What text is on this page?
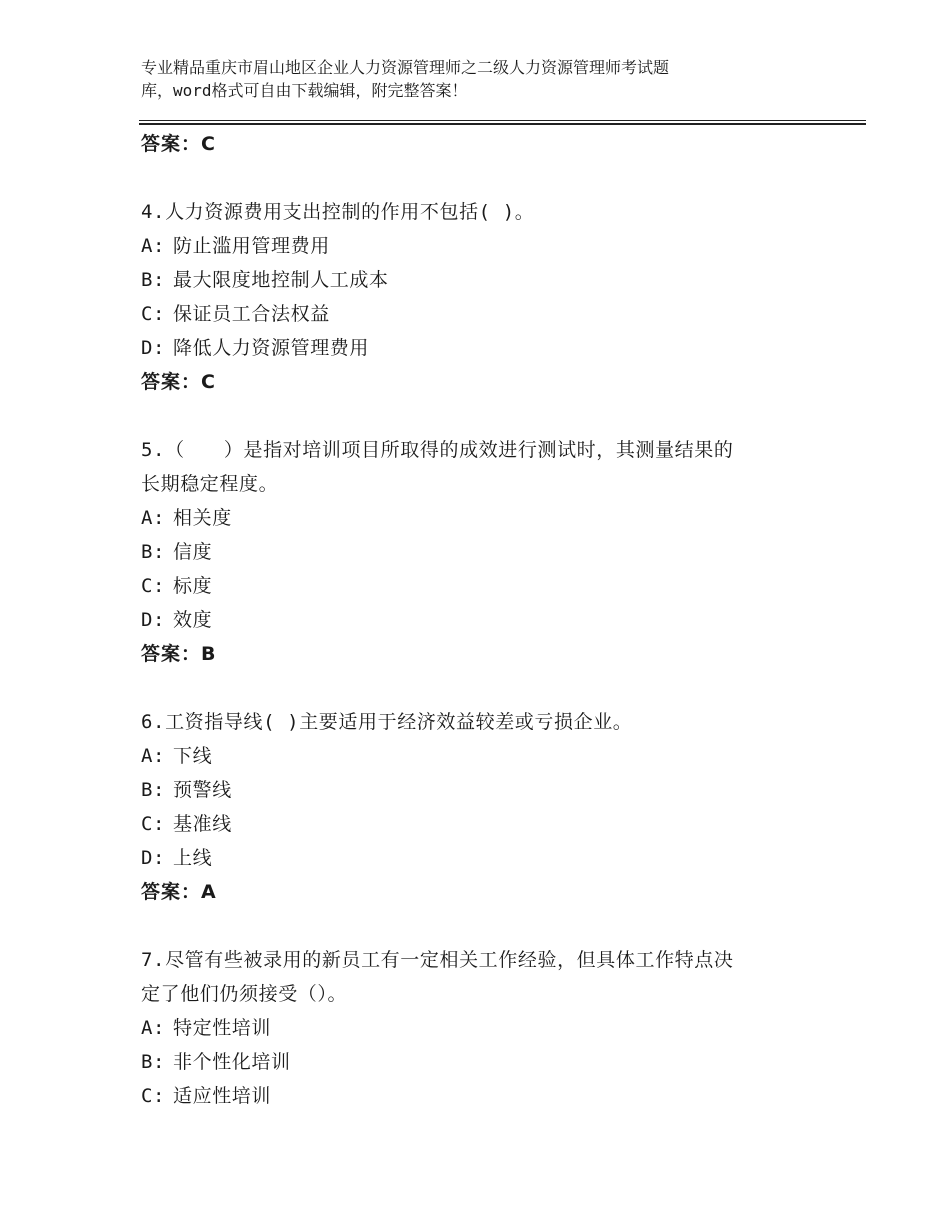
专业精品重庆市眉山地区企业人力资源管理师之二级人力资源管理师考试题
库，word格式可自由下载编辑，附完整答案！
答案：C
4.人力资源费用支出控制的作用不包括( )。
A: 防止滥用管理费用
B: 最大限度地控制人工成本
C: 保证员工合法权益
D: 降低人力资源管理费用
答案：C
5.（　　）是指对培训项目所取得的成效进行测试时，其测量结果的
长期稳定程度。
A: 相关度
B: 信度
C: 标度
D: 效度
答案：B
6.工资指导线( )主要适用于经济效益较差或亏损企业。
A: 下线
B: 预警线
C: 基准线
D: 上线
答案：A
7.尽管有些被录用的新员工有一定相关工作经验，但具体工作特点决
定了他们仍须接受（）。
A: 特定性培训
B: 非个性化培训
C: 适应性培训
